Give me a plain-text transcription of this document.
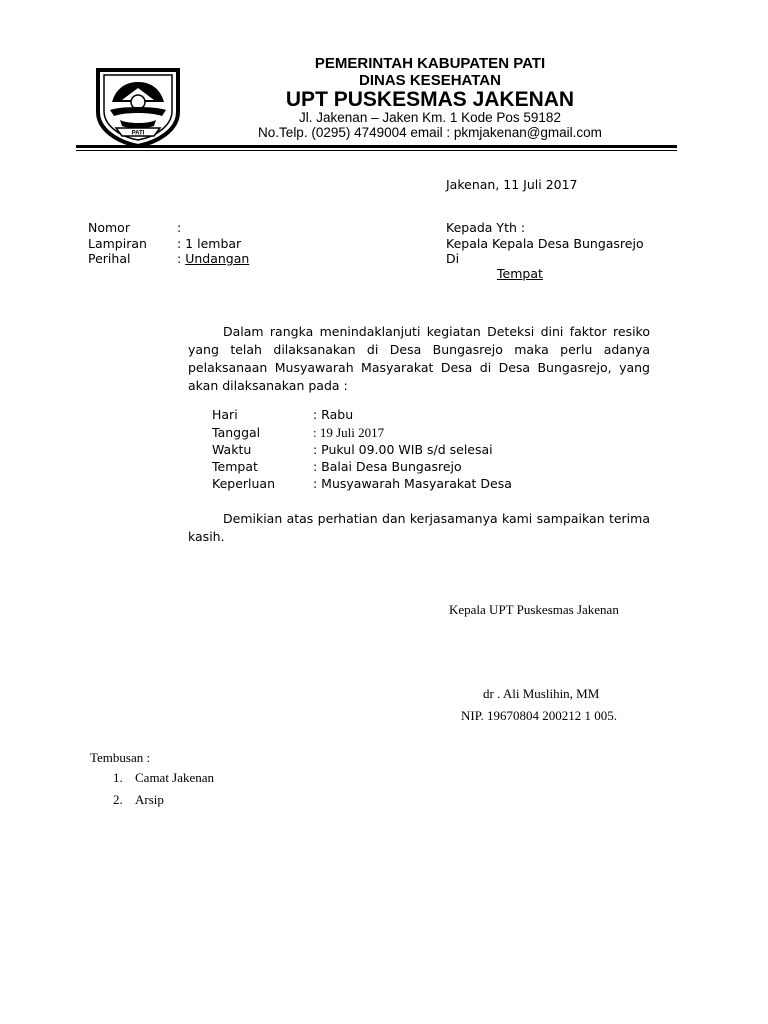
PATI
PEMERINTAH KABUPATEN PATI
DINAS KESEHATAN
UPT PUSKESMAS JAKENAN
Jl. Jakenan – Jaken Km. 1 Kode Pos 59182
No.Telp. (0295) 4749004 email : pkmjakenan@gmail.com
Jakenan, 11 Juli 2017
Nomor	:
Lampiran : 1 lembar
Perihal	: Undangan
Kepada Yth :
Kepala Kepala Desa Bungasrejo
Di
Tempat
Dalam rangka menindaklanjuti kegiatan Deteksi dini faktor resiko
yang telah dilaksanakan di Desa Bungasrejo maka perlu adanya
pelaksanaan Musyawarah Masyarakat Desa di Desa Bungasrejo, yang
akan dilaksanakan pada :
Hari	: Rabu
Tanggal	: 19 Juli 2017
Waktu	: Pukul 09.00 WIB s/d selesai
Tempat	: Balai Desa Bungasrejo
Keperluan	: Musyawarah Masyarakat Desa
Demikian atas perhatian dan kerjasamanya kami sampaikan terima
kasih.
Kepala UPT Puskesmas Jakenan
dr . Ali Muslihin, MM
NIP. 19670804 200212 1 005.
Tembusan :
1. Camat Jakenan
2. Arsip
